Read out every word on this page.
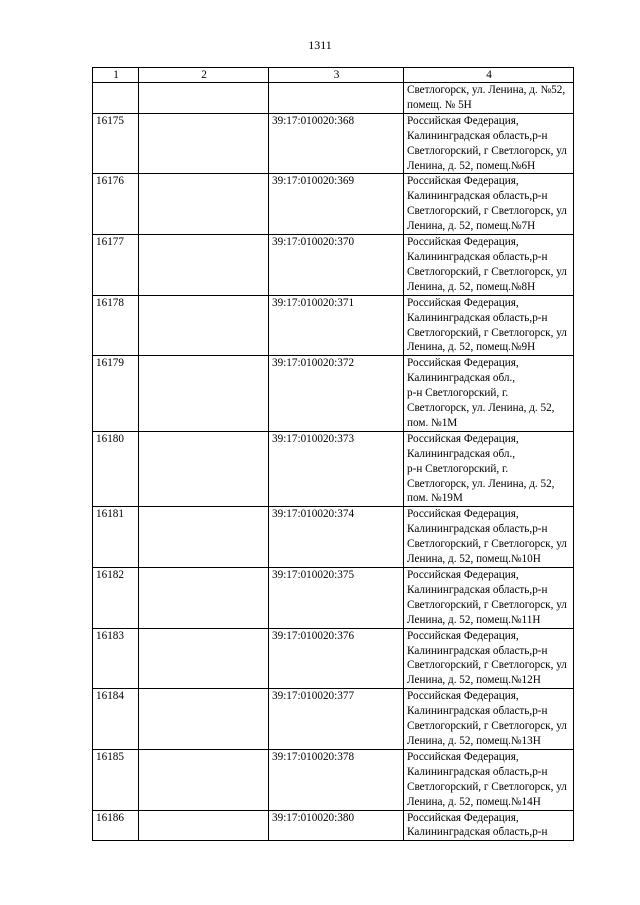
1311
1	2	3	4

			Светлогорск, ул. Ленина, д. №52,
помещ. № 5Н

16175		39:17:010020:368	Российская Федерация,
Калининградская область,р-н
Светлогорский, г Светлогорск, ул
Ленина, д. 52, помещ.№6Н

16176		39:17:010020:369	Российская Федерация,
Калининградская область,р-н
Светлогорский, г Светлогорск, ул
Ленина, д. 52, помещ.№7Н

16177		39:17:010020:370	Российская Федерация,
Калининградская область,р-н
Светлогорский, г Светлогорск, ул
Ленина, д. 52, помещ.№8Н

16178		39:17:010020:371	Российская Федерация,
Калининградская область,р-н
Светлогорский, г Светлогорск, ул
Ленина, д. 52, помещ.№9Н

16179		39:17:010020:372	Российская Федерация,
Калининградская обл.,
р-н Светлогорский, г.
Светлогорск, ул. Ленина, д. 52,
пом. №1М

16180		39:17:010020:373	Российская Федерация,
Калининградская обл.,
р-н Светлогорский, г.
Светлогорск, ул. Ленина, д. 52,
пом. №19М

16181		39:17:010020:374	Российская Федерация,
Калининградская область,р-н
Светлогорский, г Светлогорск, ул
Ленина, д. 52, помещ.№10Н

16182		39:17:010020:375	Российская Федерация,
Калининградская область,р-н
Светлогорский, г Светлогорск, ул
Ленина, д. 52, помещ.№11Н

16183		39:17:010020:376	Российская Федерация,
Калининградская область,р-н
Светлогорский, г Светлогорск, ул
Ленина, д. 52, помещ.№12Н

16184		39:17:010020:377	Российская Федерация,
Калининградская область,р-н
Светлогорский, г Светлогорск, ул
Ленина, д. 52, помещ.№13Н

16185		39:17:010020:378	Российская Федерация,
Калининградская область,р-н
Светлогорский, г Светлогорск, ул
Ленина, д. 52, помещ.№14Н

16186		39:17:010020:380	Российская Федерация,
Калининградская область,р-н
